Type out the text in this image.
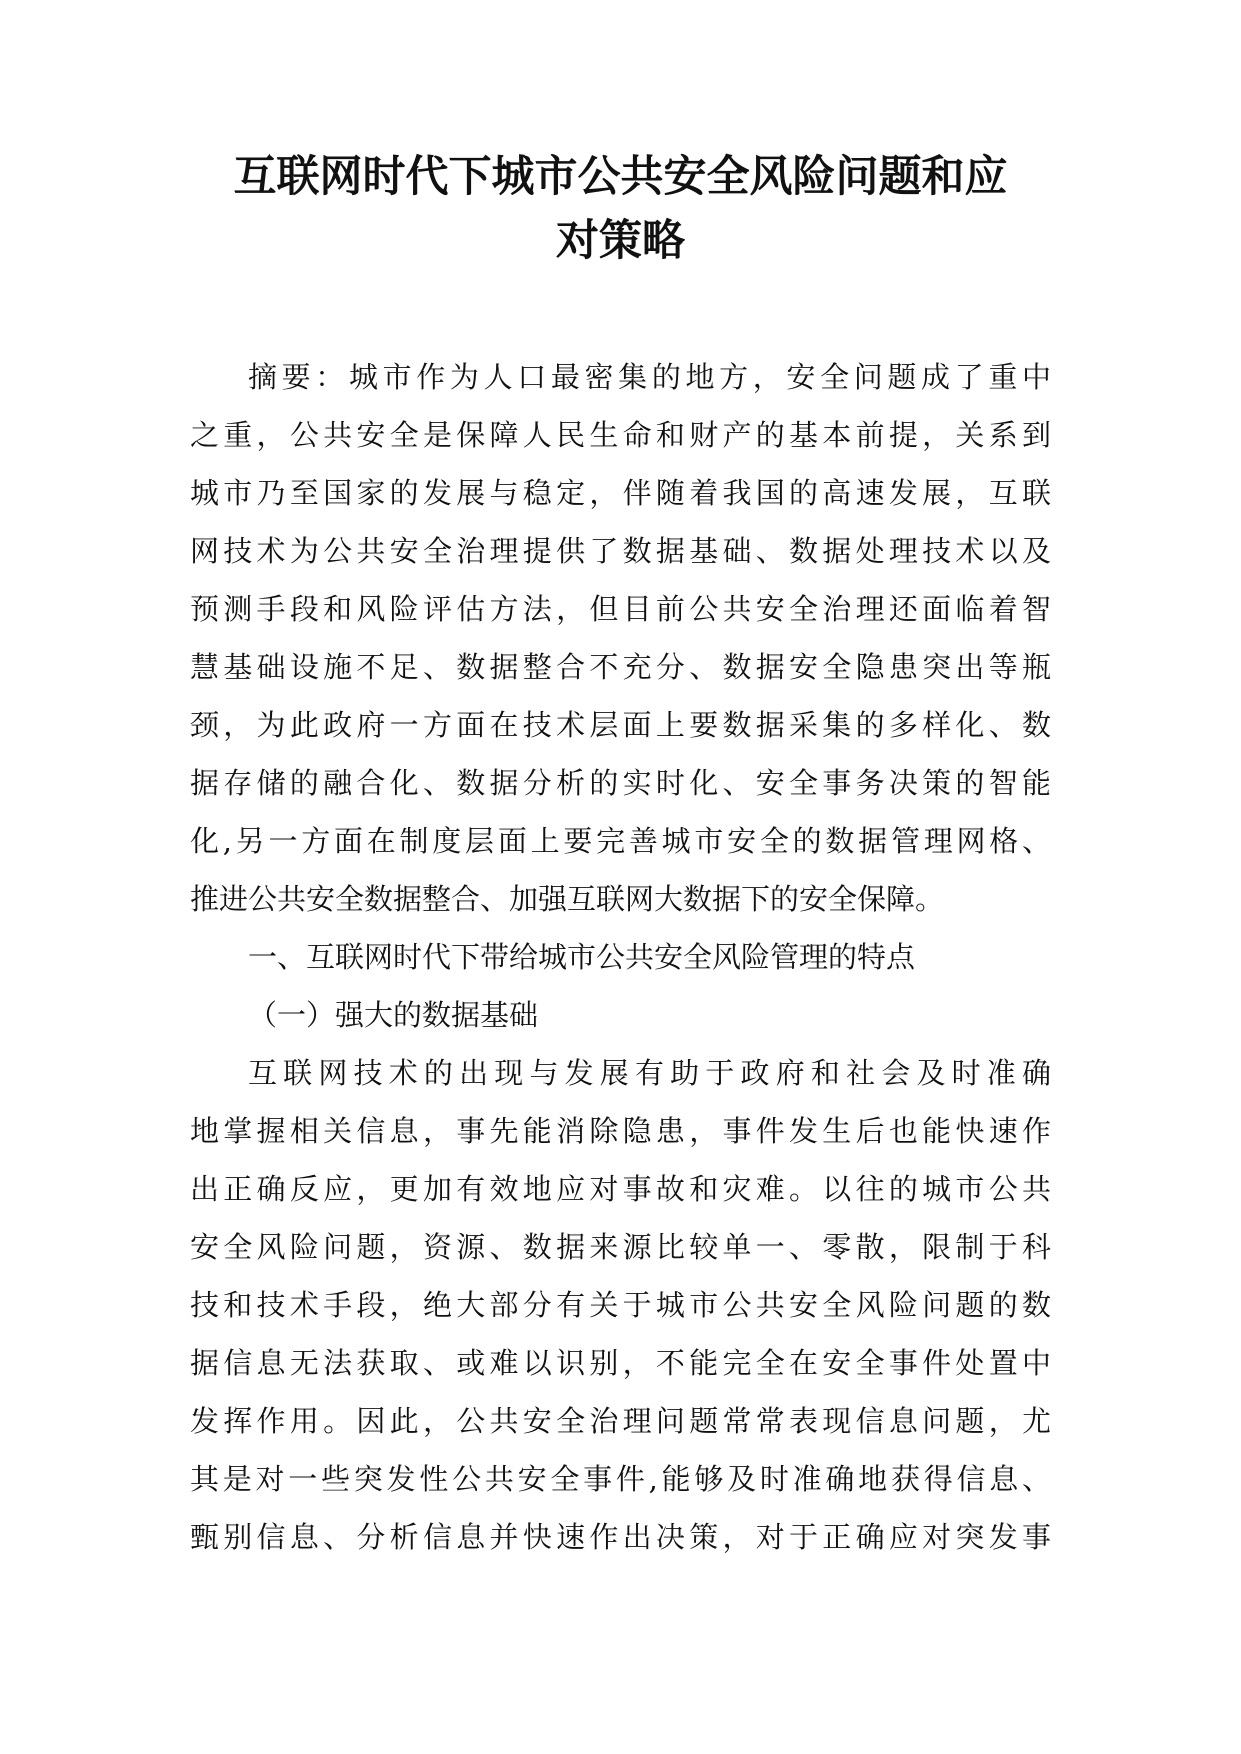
互联网时代下城市公共安全风险问题和应
对策略

摘要：城市作为人口最密集的地方，安全问题成了重中
之重，公共安全是保障人民生命和财产的基本前提，关系到
城市乃至国家的发展与稳定，伴随着我国的高速发展，互联
网技术为公共安全治理提供了数据基础、数据处理技术以及
预测手段和风险评估方法，但目前公共安全治理还面临着智
慧基础设施不足、数据整合不充分、数据安全隐患突出等瓶
颈，为此政府一方面在技术层面上要数据采集的多样化、数
据存储的融合化、数据分析的实时化、安全事务决策的智能
化,另一方面在制度层面上要完善城市安全的数据管理网格、
推进公共安全数据整合、加强互联网大数据下的安全保障。

一、互联网时代下带给城市公共安全风险管理的特点

（一）强大的数据基础

互联网技术的出现与发展有助于政府和社会及时准确
地掌握相关信息，事先能消除隐患，事件发生后也能快速作
出正确反应，更加有效地应对事故和灾难。以往的城市公共
安全风险问题，资源、数据来源比较单一、零散，限制于科
技和技术手段，绝大部分有关于城市公共安全风险问题的数
据信息无法获取、或难以识别，不能完全在安全事件处置中
发挥作用。因此，公共安全治理问题常常表现信息问题，尤
其是对一些突发性公共安全事件,能够及时准确地获得信息、
甄别信息、分析信息并快速作出决策，对于正确应对突发事
